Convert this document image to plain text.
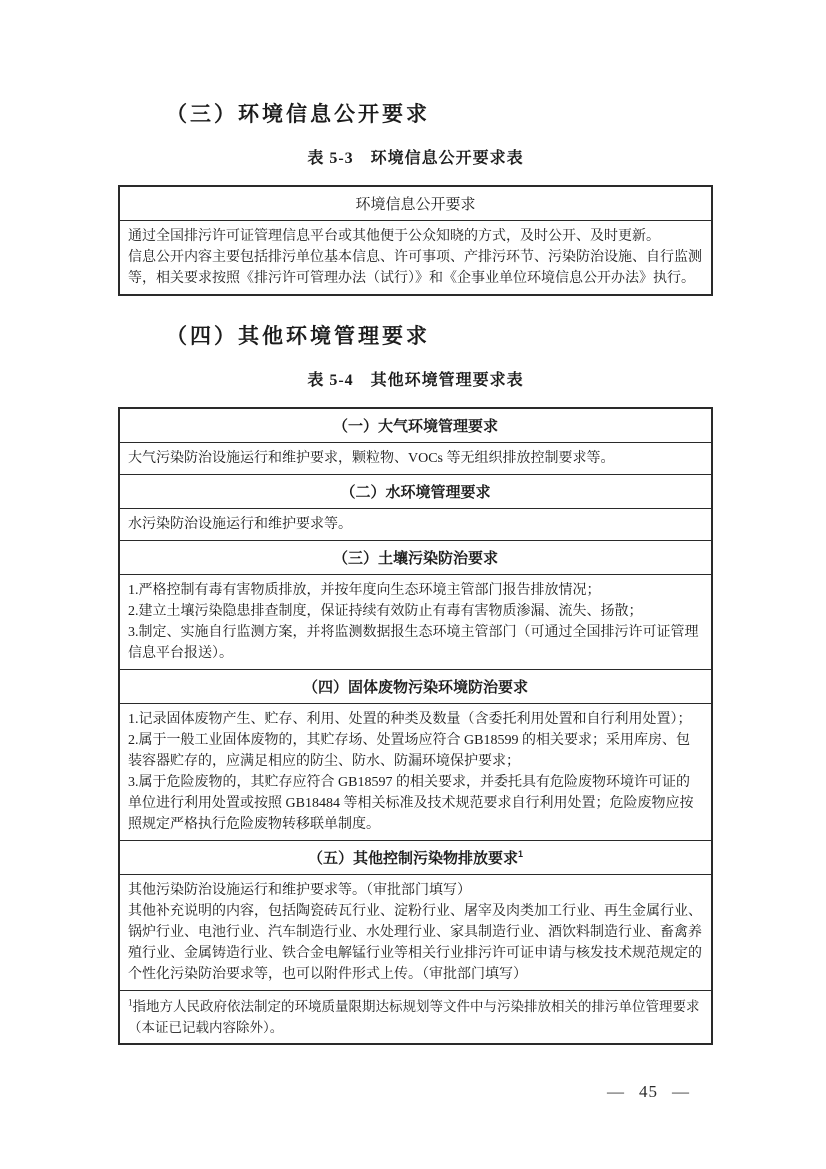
（三）环境信息公开要求
表 5-3　环境信息公开要求表
环境信息公开要求

通过全国排污许可证管理信息平台或其他便于公众知晓的方式，及时公开、及时更新。

信息公开内容主要包括排污单位基本信息、许可事项、产排污环节、污染防治设施、自行监测等，相关要求按照《排污许可管理办法（试行）》和《企事业单位环境信息公开办法》执行。

（四）其他环境管理要求
表 5-4　其他环境管理要求表
（一）大气环境管理要求

大气污染防治设施运行和维护要求，颗粒物、VOCs 等无组织排放控制要求等。

（二）水环境管理要求

水污染防治设施运行和维护要求等。

（三）土壤污染防治要求

1.严格控制有毒有害物质排放，并按年度向生态环境主管部门报告排放情况；

2.建立土壤污染隐患排查制度，保证持续有效防止有毒有害物质渗漏、流失、扬散；

3.制定、实施自行监测方案，并将监测数据报生态环境主管部门（可通过全国排污许可证管理信息平台报送）。

（四）固体废物污染环境防治要求

1.记录固体废物产生、贮存、利用、处置的种类及数量（含委托利用处置和自行利用处置）；

2.属于一般工业固体废物的，其贮存场、处置场应符合 GB18599 的相关要求；采用库房、包装容器贮存的，应满足相应的防尘、防水、防漏环境保护要求；

3.属于危险废物的，其贮存应符合 GB18597 的相关要求，并委托具有危险废物环境许可证的单位进行利用处置或按照 GB18484 等相关标准及技术规范要求自行利用处置；危险废物应按照规定严格执行危险废物转移联单制度。

（五）其他控制污染物排放要求$^1$

其他污染防治设施运行和维护要求等。（审批部门填写）

其他补充说明的内容，包括陶瓷砖瓦行业、淀粉行业、屠宰及肉类加工行业、再生金属行业、锅炉行业、电池行业、汽车制造行业、水处理行业、家具制造行业、酒饮料制造行业、畜禽养殖行业、金属铸造行业、铁合金电解锰行业等相关行业排污许可证申请与核发技术规范规定的个性化污染防治要求等，也可以附件形式上传。（审批部门填写）

$^1$指地方人民政府依法制定的环境质量限期达标规划等文件中与污染排放相关的排污单位管理要求（本证已记载内容除外）。

— 45 —
